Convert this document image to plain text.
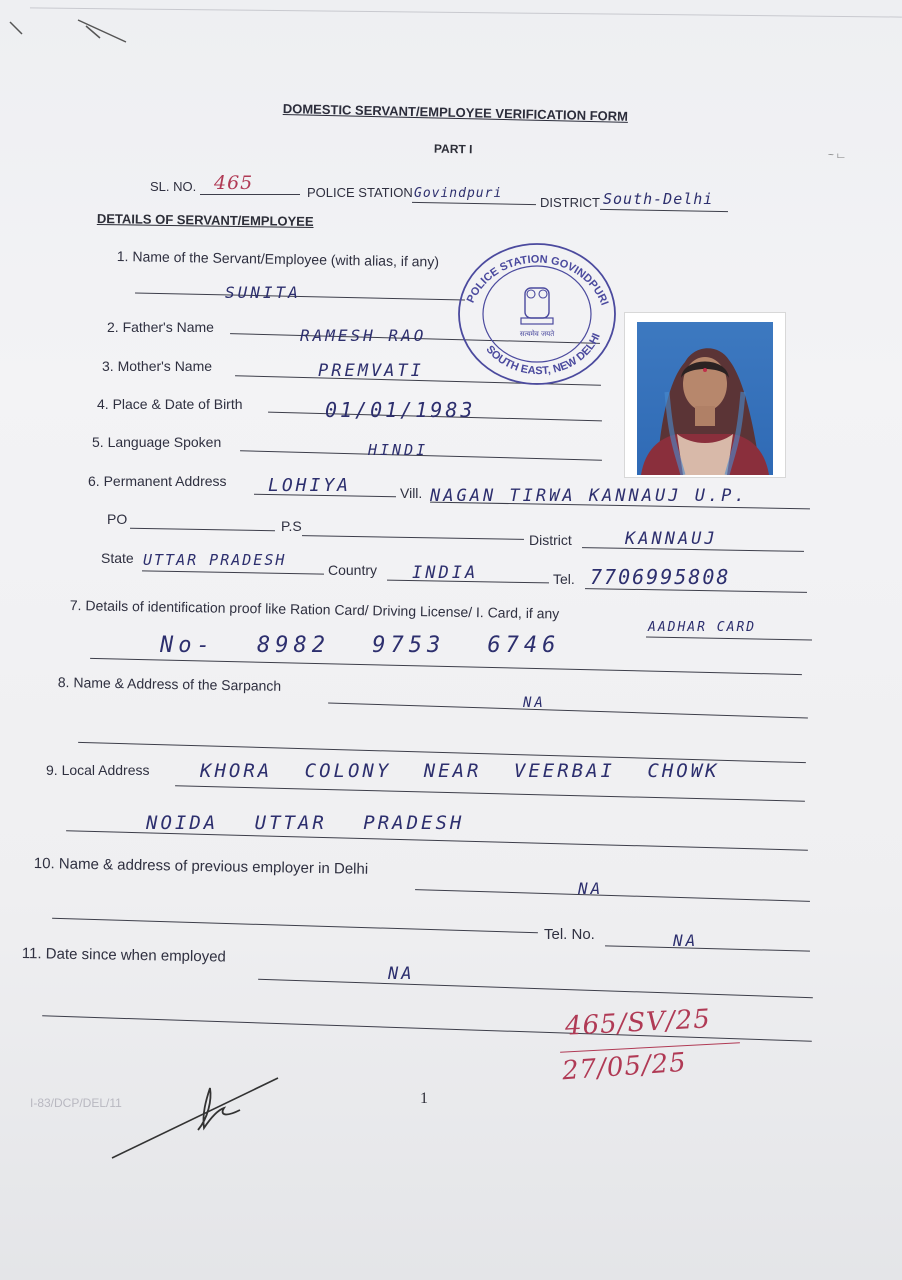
DOMESTIC SERVANT/EMPLOYEE VERIFICATION FORM
PART I
SL. NO. 465	POLICE STATION Govindpuri
DISTRICT South-Delhi
DETAILS OF SERVANT/EMPLOYEE
1. Name of the Servant/Employee (with alias, if any)
SUNITA
2. Father's Name	RAMESH RAO
3. Mother's Name	PREMVATI
4. Place & Date of Birth	01/01/1983
5. Language Spoken	HINDI
6. Permanent Address LOHIYA	Vill. NAGAN TIRWA KANNAUJ U.P.
PO	P.S
District	KANNAUJ
State UTTAR PRADESH
Country INDIA	Tel. 7706995808
7. Details of identification proof like Ration Card/ Driving License/ I. Card, if any
AADHAR CARD
No- 8982 9753 6746
8. Name & Address of the Sarpanch
NA
9. Local Address	KHORA COLONY NEAR VEERBAI CHOWK
NOIDA UTTAR PRADESH
10. Name & address of previous employer in Delhi
NA
Tel. No.	NA
11. Date since when employed
NA
465/SV/25
27/05/25
I-83/DCP/DEL/11	1
POLICE STATION GOVINDPURI
SOUTH EAST, NEW DELHI
सत्यमेव जयते
~ ட
